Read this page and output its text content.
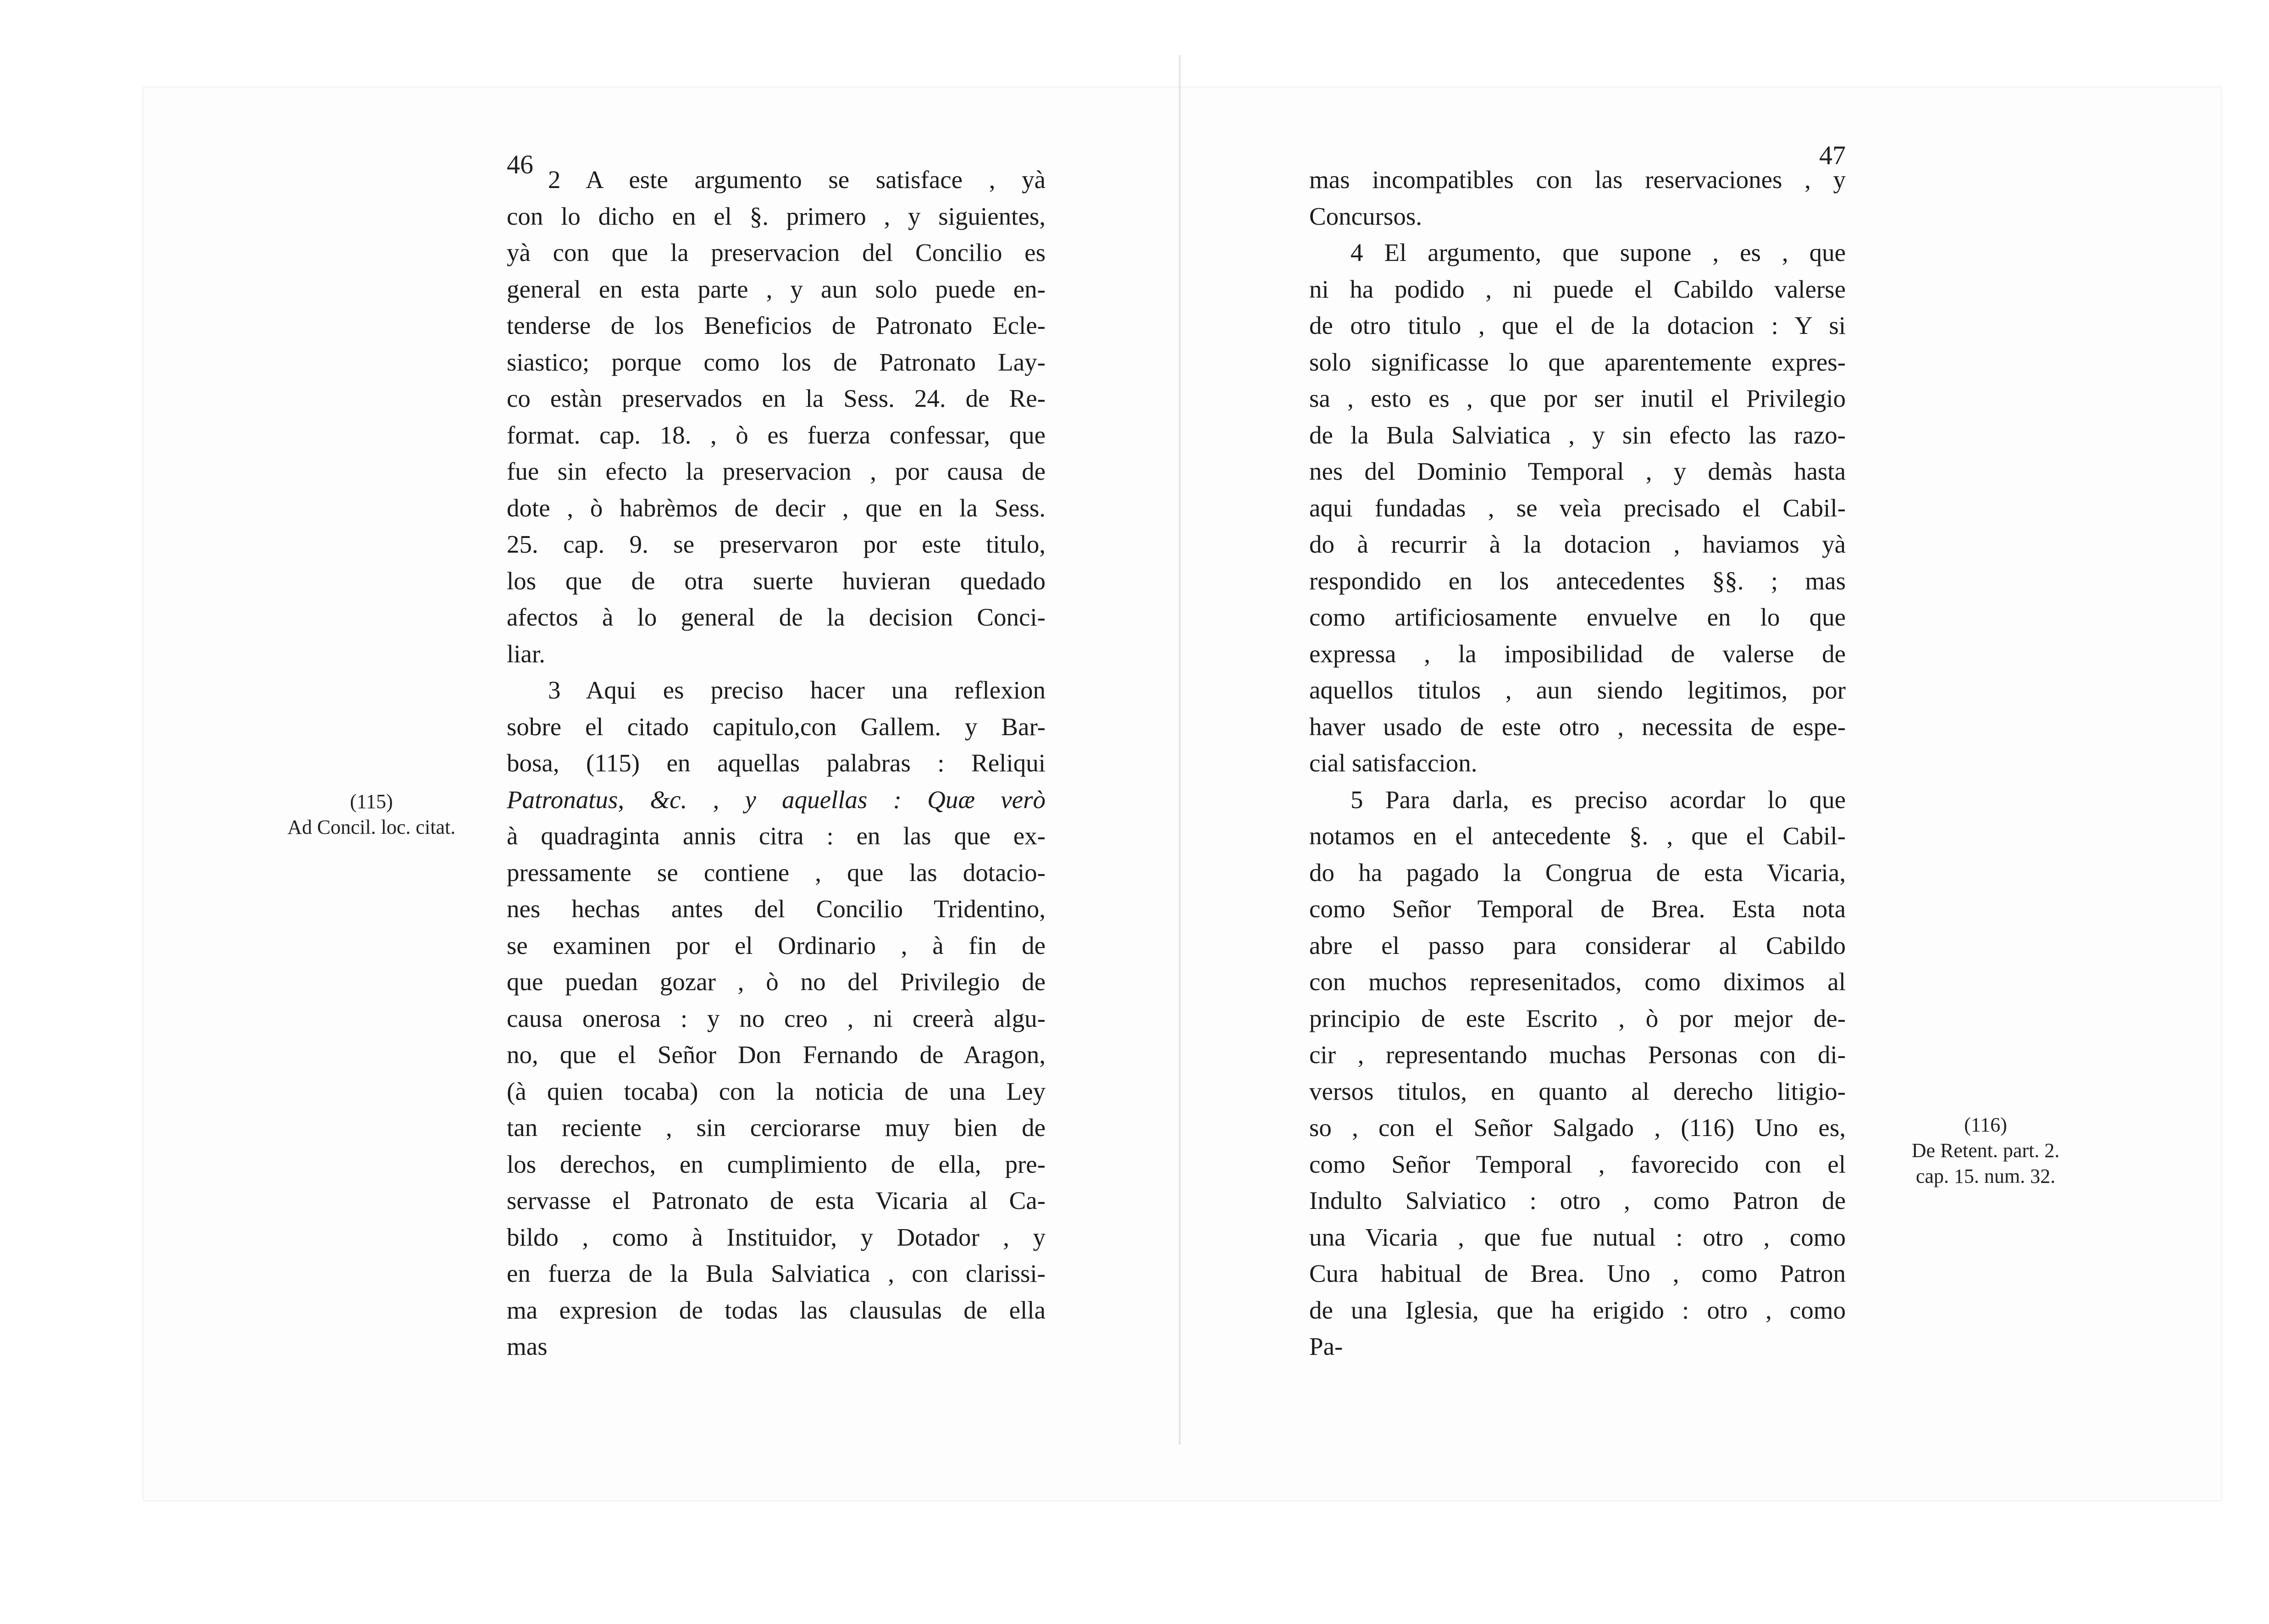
46
2 A este argumento se satisface , yà
con lo dicho en el §. primero , y siguientes,
yà con que la preservacion del Concilio es
general en esta parte , y aun solo puede en-
tenderse de los Beneficios de Patronato Ecle-
siastico; porque como los de Patronato Lay-
co estàn preservados en la Sess. 24. de Re-
format. cap. 18. , ò es fuerza confessar, que
fue sin efecto la preservacion , por causa de
dote , ò habrèmos de decir , que en la Sess.
25. cap. 9. se preservaron por este titulo,
los que de otra suerte huvieran quedado
afectos à lo general de la decision Conci-
liar.
3 Aqui es preciso hacer una reflexion
sobre el citado capitulo,con Gallem. y Bar-
bosa, (115) en aquellas palabras : Reliqui
Patronatus, &c. , y aquellas : Quæ verò
à quadraginta annis citra : en las que ex-
pressamente se contiene , que las dotacio-
nes hechas antes del Concilio Tridentino,
se examinen por el Ordinario , à fin de
que puedan gozar , ò no del Privilegio de
causa onerosa : y no creo , ni creerà algu-
no, que el Señor Don Fernando de Aragon,
(à quien tocaba) con la noticia de una Ley
tan reciente , sin cerciorarse muy bien de
los derechos, en cumplimiento de ella, pre-
servasse el Patronato de esta Vicaria al Ca-
bildo , como à Instituidor, y Dotador , y
en fuerza de la Bula Salviatica , con clarissi-
ma expresion de todas las clausulas de ella
mas
(115)
Ad Concil. loc. citat.
47
mas incompatibles con las reservaciones , y
Concursos.
4 El argumento, que supone , es , que
ni ha podido , ni puede el Cabildo valerse
de otro titulo , que el de la dotacion : Y si
solo significasse lo que aparentemente expres-
sa , esto es , que por ser inutil el Privilegio
de la Bula Salviatica , y sin efecto las razo-
nes del Dominio Temporal , y demàs hasta
aqui fundadas , se veìa precisado el Cabil-
do à recurrir à la dotacion , haviamos yà
respondido en los antecedentes §§. ; mas
como artificiosamente envuelve en lo que
expressa , la imposibilidad de valerse de
aquellos titulos , aun siendo legitimos, por
haver usado de este otro , necessita de espe-
cial satisfaccion.
5 Para darla, es preciso acordar lo que
notamos en el antecedente §. , que el Cabil-
do ha pagado la Congrua de esta Vicaria,
como Señor Temporal de Brea. Esta nota
abre el passo para considerar al Cabildo
con muchos represenitados, como diximos al
principio de este Escrito , ò por mejor de-
cir , representando muchas Personas con di-
versos titulos, en quanto al derecho litigio-
so , con el Señor Salgado , (116) Uno es,
como Señor Temporal , favorecido con el
Indulto Salviatico : otro , como Patron de
una Vicaria , que fue nutual : otro , como
Cura habitual de Brea. Uno , como Patron
de una Iglesia, que ha erigido : otro , como
Pa-
(116)
De Retent. part. 2.
cap. 15. num. 32.
